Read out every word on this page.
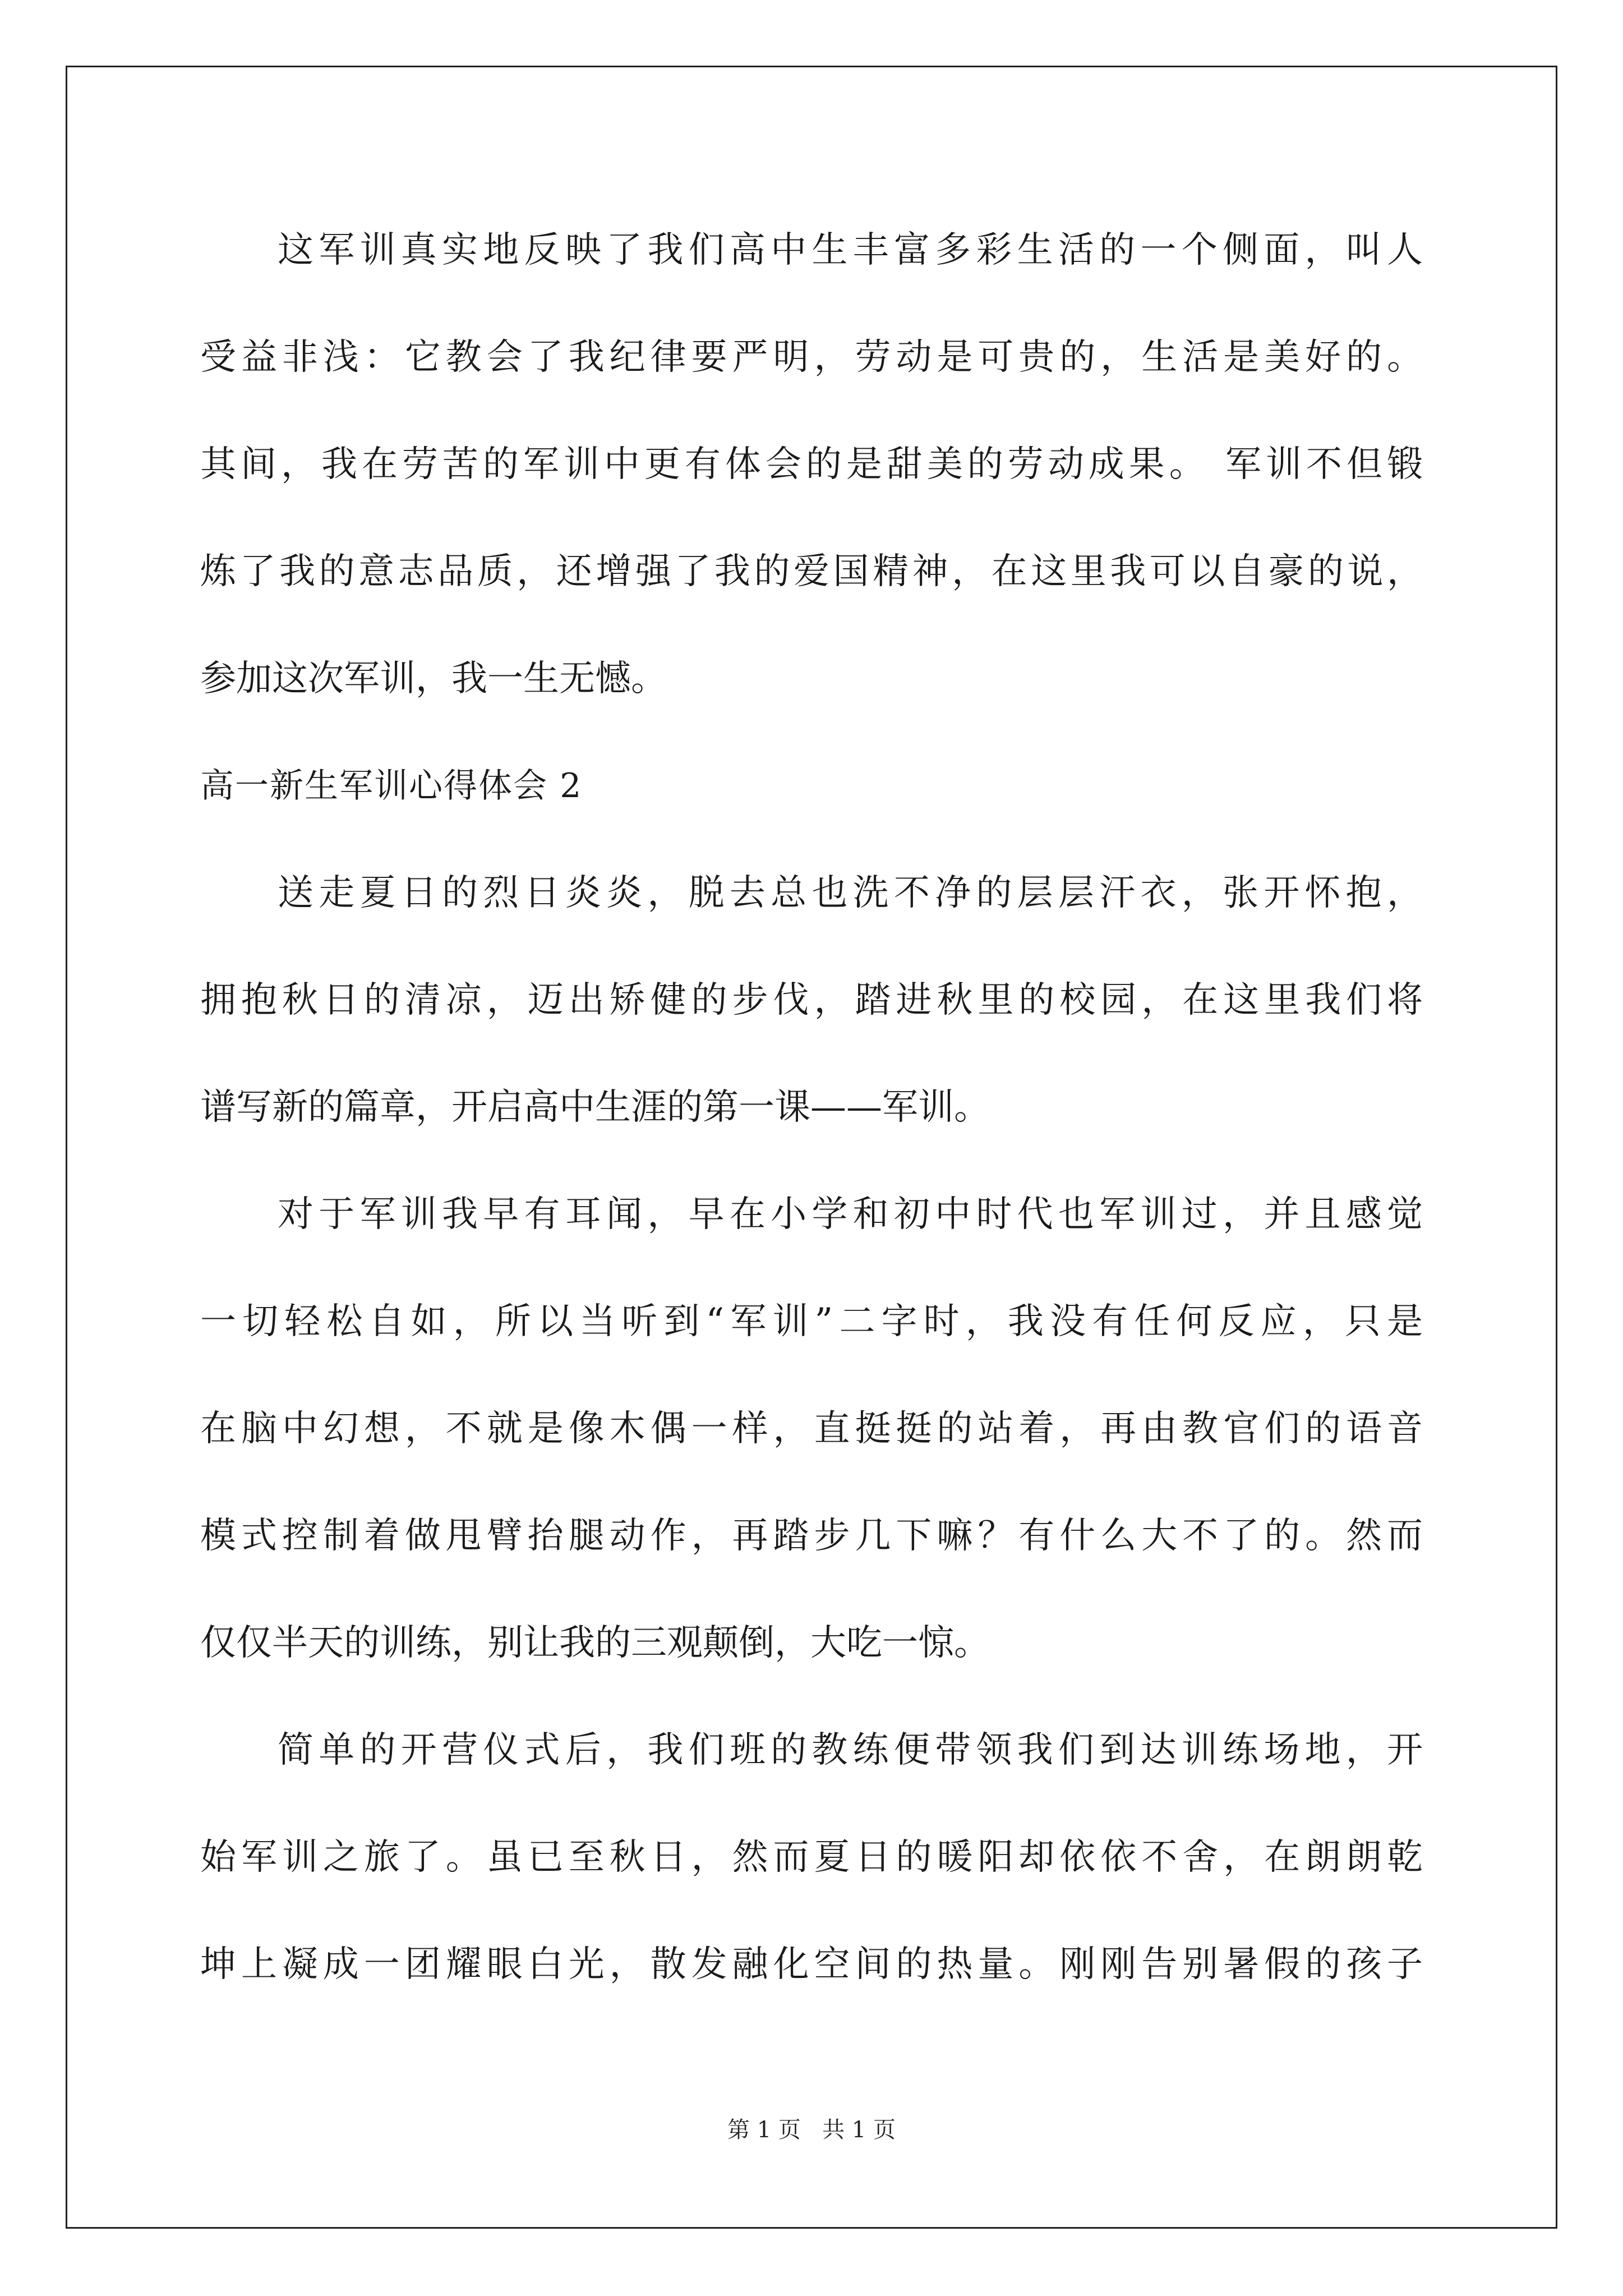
这军训真实地反映了我们高中生丰富多彩生活的一个侧面，叫人
受益非浅：它教会了我纪律要严明，劳动是可贵的，生活是美好的。
其间，我在劳苦的军训中更有体会的是甜美的劳动成果。 军训不但锻
炼了我的意志品质，还增强了我的爱国精神，在这里我可以自豪的说，
参加这次军训，我一生无憾。
高一新生军训心得体会 2
送走夏日的烈日炎炎，脱去总也洗不净的层层汗衣，张开怀抱，
拥抱秋日的清凉，迈出矫健的步伐，踏进秋里的校园，在这里我们将
谱写新的篇章，开启高中生涯的第一课——军训。
对于军训我早有耳闻，早在小学和初中时代也军训过，并且感觉
一切轻松自如，所以当听到“军训”二字时，我没有任何反应，只是
在脑中幻想，不就是像木偶一样，直挺挺的站着，再由教官们的语音
模式控制着做甩臂抬腿动作，再踏步几下嘛？有什么大不了的。然而
仅仅半天的训练，别让我的三观颠倒，大吃一惊。
简单的开营仪式后，我们班的教练便带领我们到达训练场地，开
始军训之旅了。虽已至秋日，然而夏日的暖阳却依依不舍，在朗朗乾
坤上凝成一团耀眼白光，散发融化空间的热量。刚刚告别暑假的孩子
第 1 页   共 1 页
